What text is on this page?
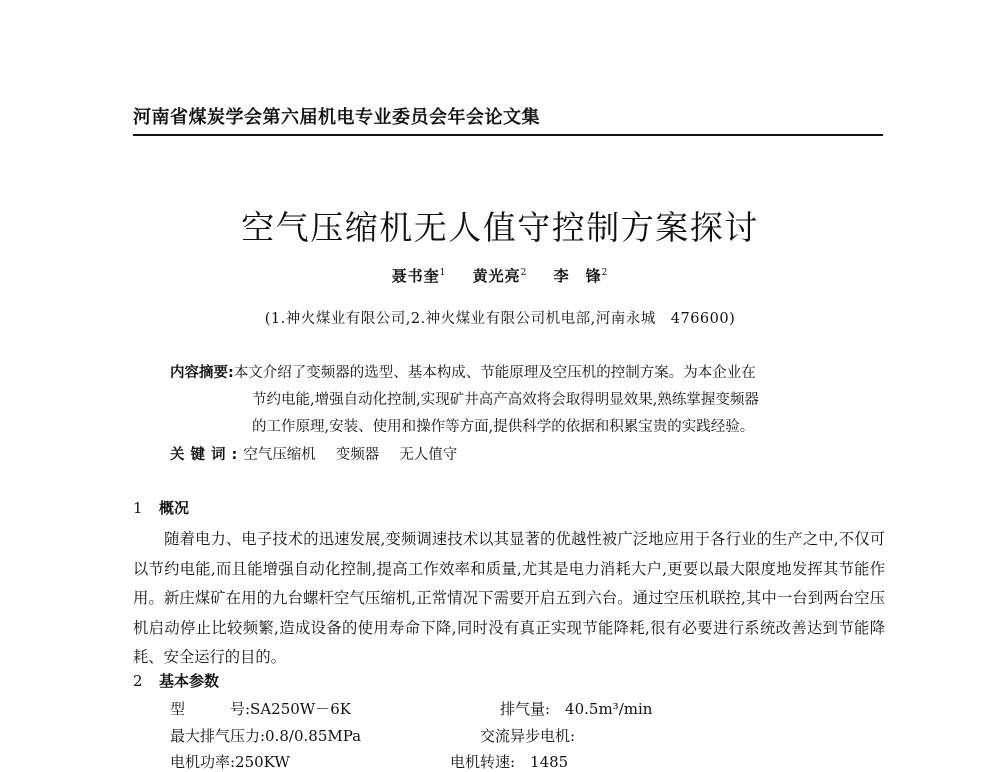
河南省煤炭学会第六届机电专业委员会年会论文集
空气压缩机无人值守控制方案探讨
聂书奎$^1$ 黄光亮$^2$ 李　锋$^2$
(1.神火煤业有限公司,2.神火煤业有限公司机电部,河南永城　476600)
内容摘要:本文介绍了变频器的选型、基本构成、节能原理及空压机的控制方案。为本企业在
节约电能,增强自动化控制,实现矿井高产高效将会取得明显效果,熟练掌握变频器
的工作原理,安装、使用和操作等方面,提供科学的依据和积累宝贵的实践经验。
关键词:空气压缩机 变频器 无人值守
1 概况
随着电力、电子技术的迅速发展,变频调速技术以其显著的优越性被广泛地应用于各行业的生产之中,不仅可以节约电能,而且能增强自动化控制,提高工作效率和质量,尤其是电力消耗大户,更要以最大限度地发挥其节能作用。新庄煤矿在用的九台螺杆空气压缩机,正常情况下需要开启五到六台。通过空压机联控,其中一台到两台空压机启动停止比较频繁,造成设备的使用寿命下降,同时没有真正实现节能降耗,很有必要进行系统改善达到节能降耗、安全运行的目的。
2 基本参数
型　　　号:SA250W－6K	排气量:　40.5m³/min
最大排气压力:0.8/0.85MPa	交流异步电机:
电机功率:250KW	电机转速:　1485
